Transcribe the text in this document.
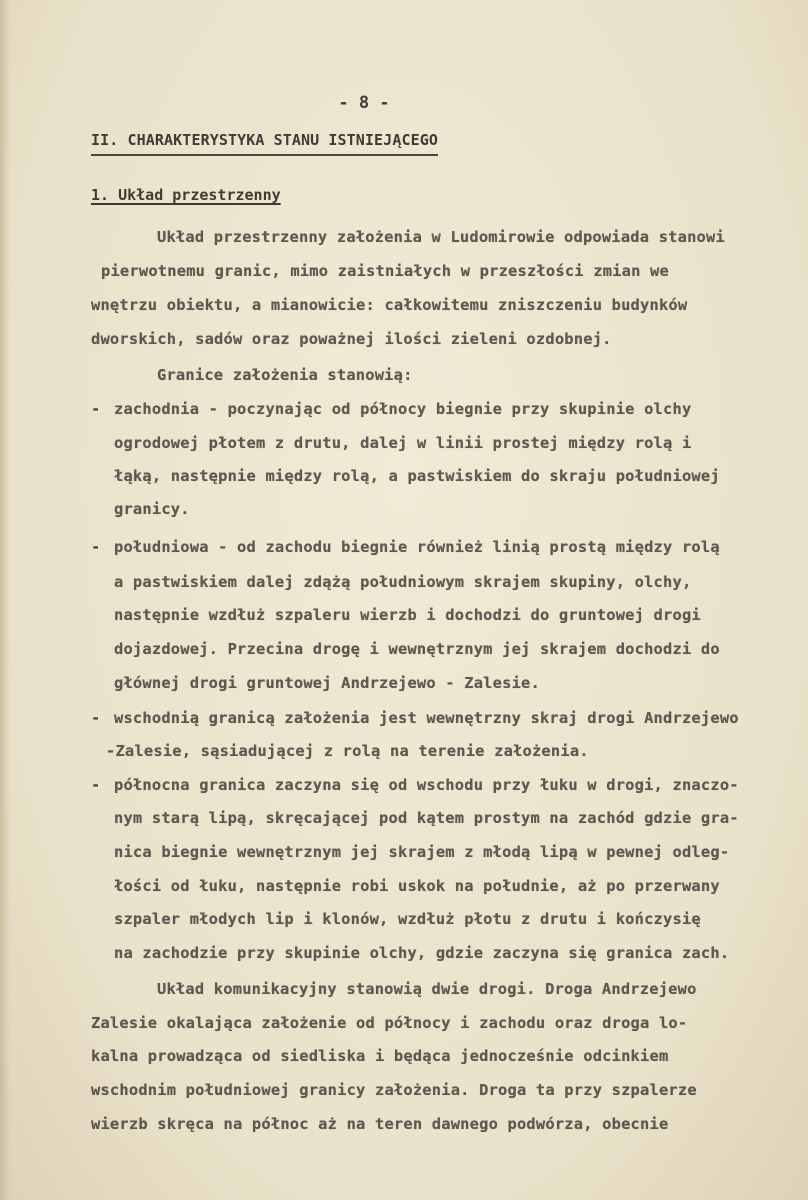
- 8 -
II. CHARAKTERYSTYKA STANU ISTNIEJĄCEGO
1. Układ przestrzenny
Układ przestrzenny założenia w Ludomirowie odpowiada stanowi
pierwotnemu granic, mimo zaistniałych w przeszłości zmian we
wnętrzu obiektu, a mianowicie: całkowitemu zniszczeniu budynków
dworskich, sadów oraz poważnej ilości zieleni ozdobnej.
Granice założenia stanowią:
- zachodnia - poczynając od północy biegnie przy skupinie olchy
ogrodowej płotem z drutu, dalej w linii prostej między rolą i
łąką, następnie między rolą, a pastwiskiem do skraju południowej
granicy.
- południowa - od zachodu biegnie również linią prostą między rolą
a pastwiskiem dalej zdążą południowym skrajem skupiny, olchy,
następnie wzdłuż szpaleru wierzb i dochodzi do gruntowej drogi
dojazdowej. Przecina drogę i wewnętrznym jej skrajem dochodzi do
głównej drogi gruntowej Andrzejewo - Zalesie.
- wschodnią granicą założenia jest wewnętrzny skraj drogi Andrzejewo
-Zalesie, sąsiadującej z rolą na terenie założenia.
- północna granica zaczyna się od wschodu przy łuku w drogi, znaczo-
nym starą lipą, skręcającej pod kątem prostym na zachód gdzie gra-
nica biegnie wewnętrznym jej skrajem z młodą lipą w pewnej odleg-
łości od łuku, następnie robi uskok na południe, aż po przerwany
szpaler młodych lip i klonów, wzdłuż płotu z drutu i kończysię
na zachodzie przy skupinie olchy, gdzie zaczyna się granica zach.
Układ komunikacyjny stanowią dwie drogi. Droga Andrzejewo
Zalesie okalająca założenie od północy i zachodu oraz droga lo-
kalna prowadząca od siedliska i będąca jednocześnie odcinkiem
wschodnim południowej granicy założenia. Droga ta przy szpalerze
wierzb skręca na północ aż na teren dawnego podwórza, obecnie
